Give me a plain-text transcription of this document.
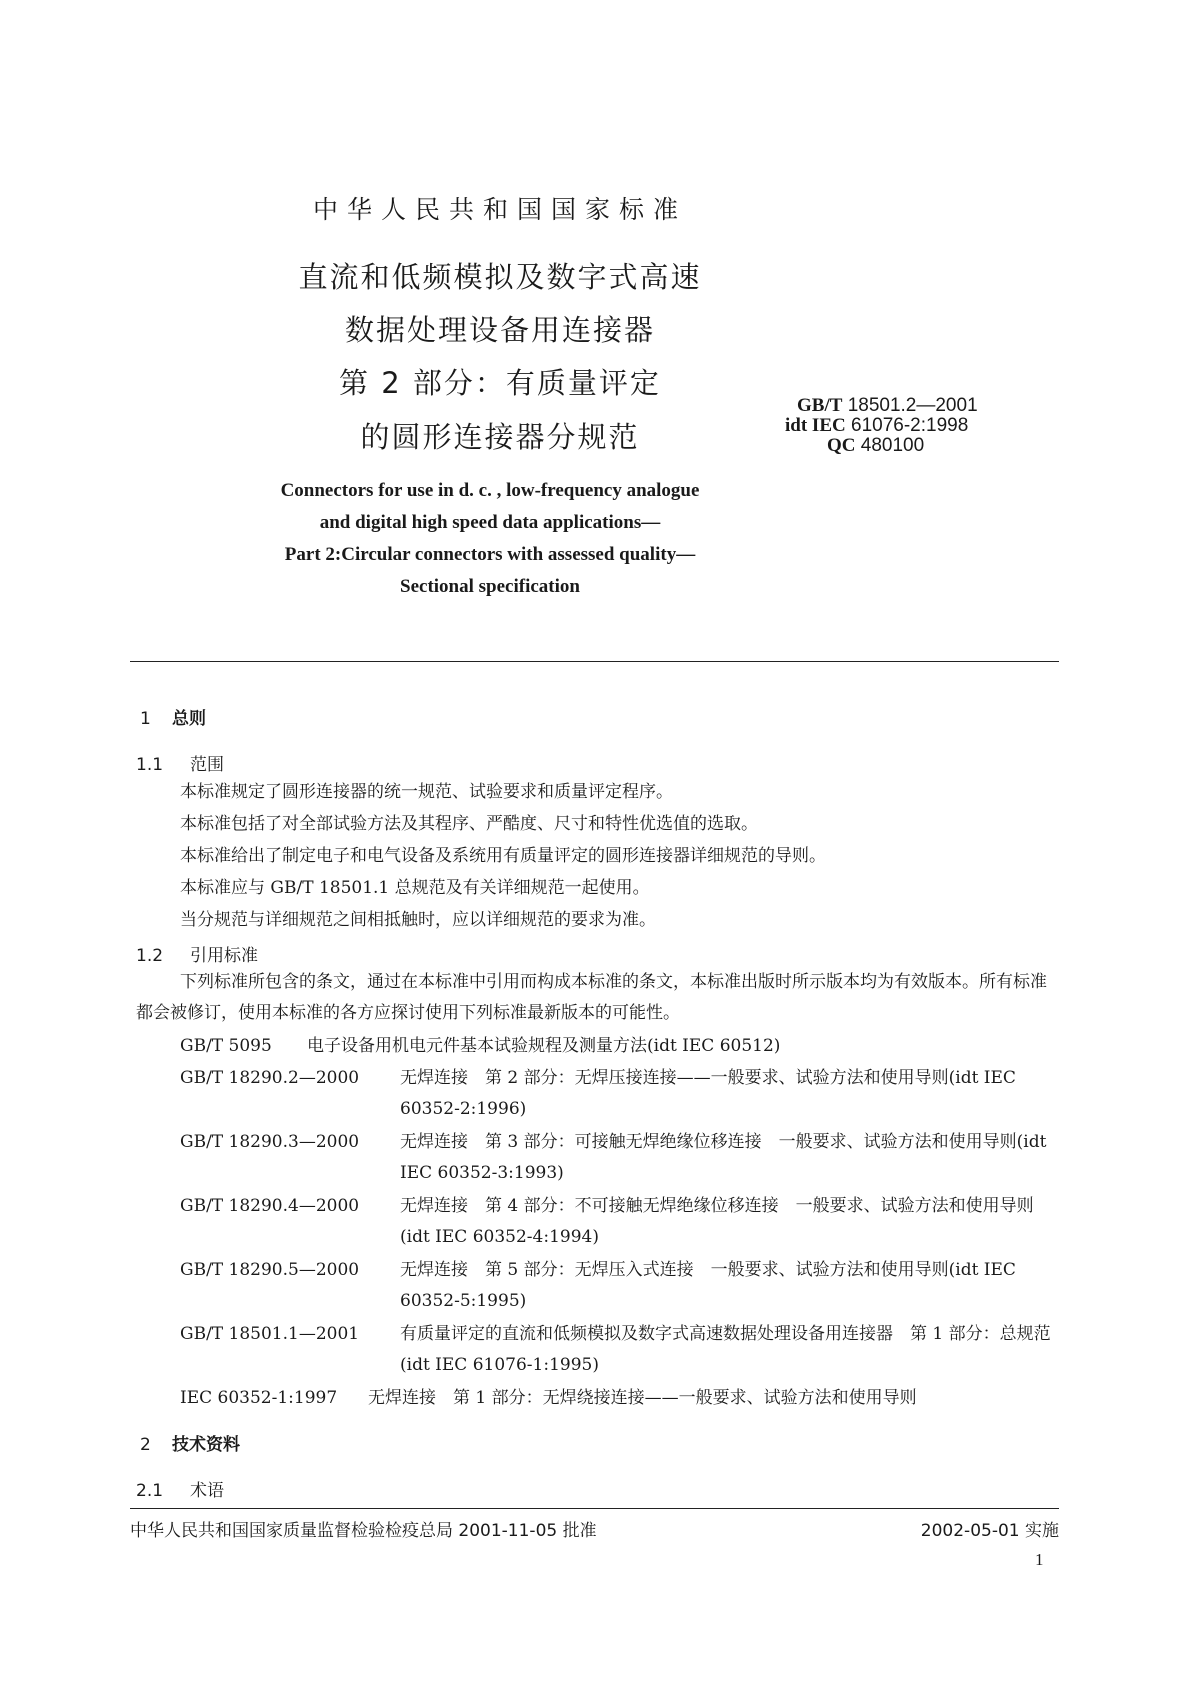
中华人民共和国国家标准
直流和低频模拟及数字式高速
数据处理设备用连接器
第 2 部分：有质量评定
的圆形连接器分规范
GB/T 18501.2—2001
idt IEC 61076-2:1998
QC 480100
Connectors for use in d. c. , low-frequency analogue
and digital high speed data applications—
Part 2:Circular connectors with assessed quality—
Sectional specification
1 总则
1.1 范围
本标准规定了圆形连接器的统一规范、试验要求和质量评定程序。
本标准包括了对全部试验方法及其程序、严酷度、尺寸和特性优选值的选取。
本标准给出了制定电子和电气设备及系统用有质量评定的圆形连接器详细规范的导则。
本标准应与 GB/T 18501.1 总规范及有关详细规范一起使用。
当分规范与详细规范之间相抵触时，应以详细规范的要求为准。
1.2 引用标准
下列标准所包含的条文，通过在本标准中引用而构成本标准的条文，本标准出版时所示版本均为有效版本。所有标准都会被修订，使用本标准的各方应探讨使用下列标准最新版本的可能性。
GB/T 5095 电子设备用机电元件基本试验规程及测量方法(idt IEC 60512)
GB/T 18290.2—2000 无焊连接　第 2 部分：无焊压接连接——一般要求、试验方法和使用导则(idt IEC 60352-2:1996)
GB/T 18290.3—2000 无焊连接　第 3 部分：可接触无焊绝缘位移连接　一般要求、试验方法和使用导则(idt IEC 60352-3:1993)
GB/T 18290.4—2000 无焊连接　第 4 部分：不可接触无焊绝缘位移连接　一般要求、试验方法和使用导则(idt IEC 60352-4:1994)
GB/T 18290.5—2000 无焊连接　第 5 部分：无焊压入式连接　一般要求、试验方法和使用导则(idt IEC 60352-5:1995)
GB/T 18501.1—2001 有质量评定的直流和低频模拟及数字式高速数据处理设备用连接器　第 1 部分：总规范(idt IEC 61076-1:1995)
IEC 60352-1:1997 无焊连接　第 1 部分：无焊绕接连接——一般要求、试验方法和使用导则
2 技术资料
2.1 术语
中华人民共和国国家质量监督检验检疫总局 2001-11-05 批准	2002-05-01 实施
1
